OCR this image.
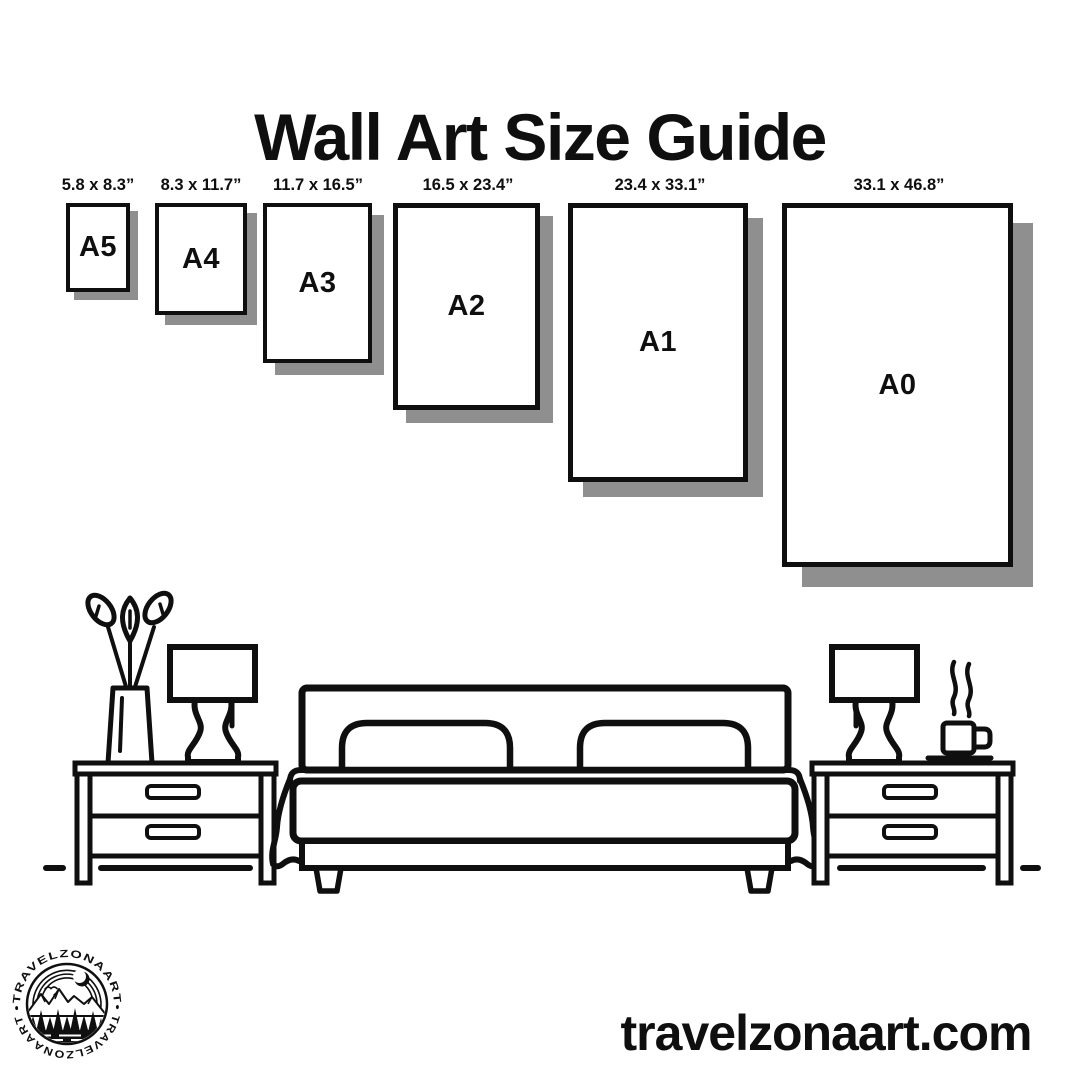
Wall Art Size Guide
5.8 x 8.3”	8.3 x 11.7”	11.7 x 16.5”	16.5 x 23.4”	23.4 x 33.1”	33.1 x 46.8”
A5	A4
A3
A2
A1
A0
•TRAVELZONAART•
TRAVELZONAART	travelzonaart.com
